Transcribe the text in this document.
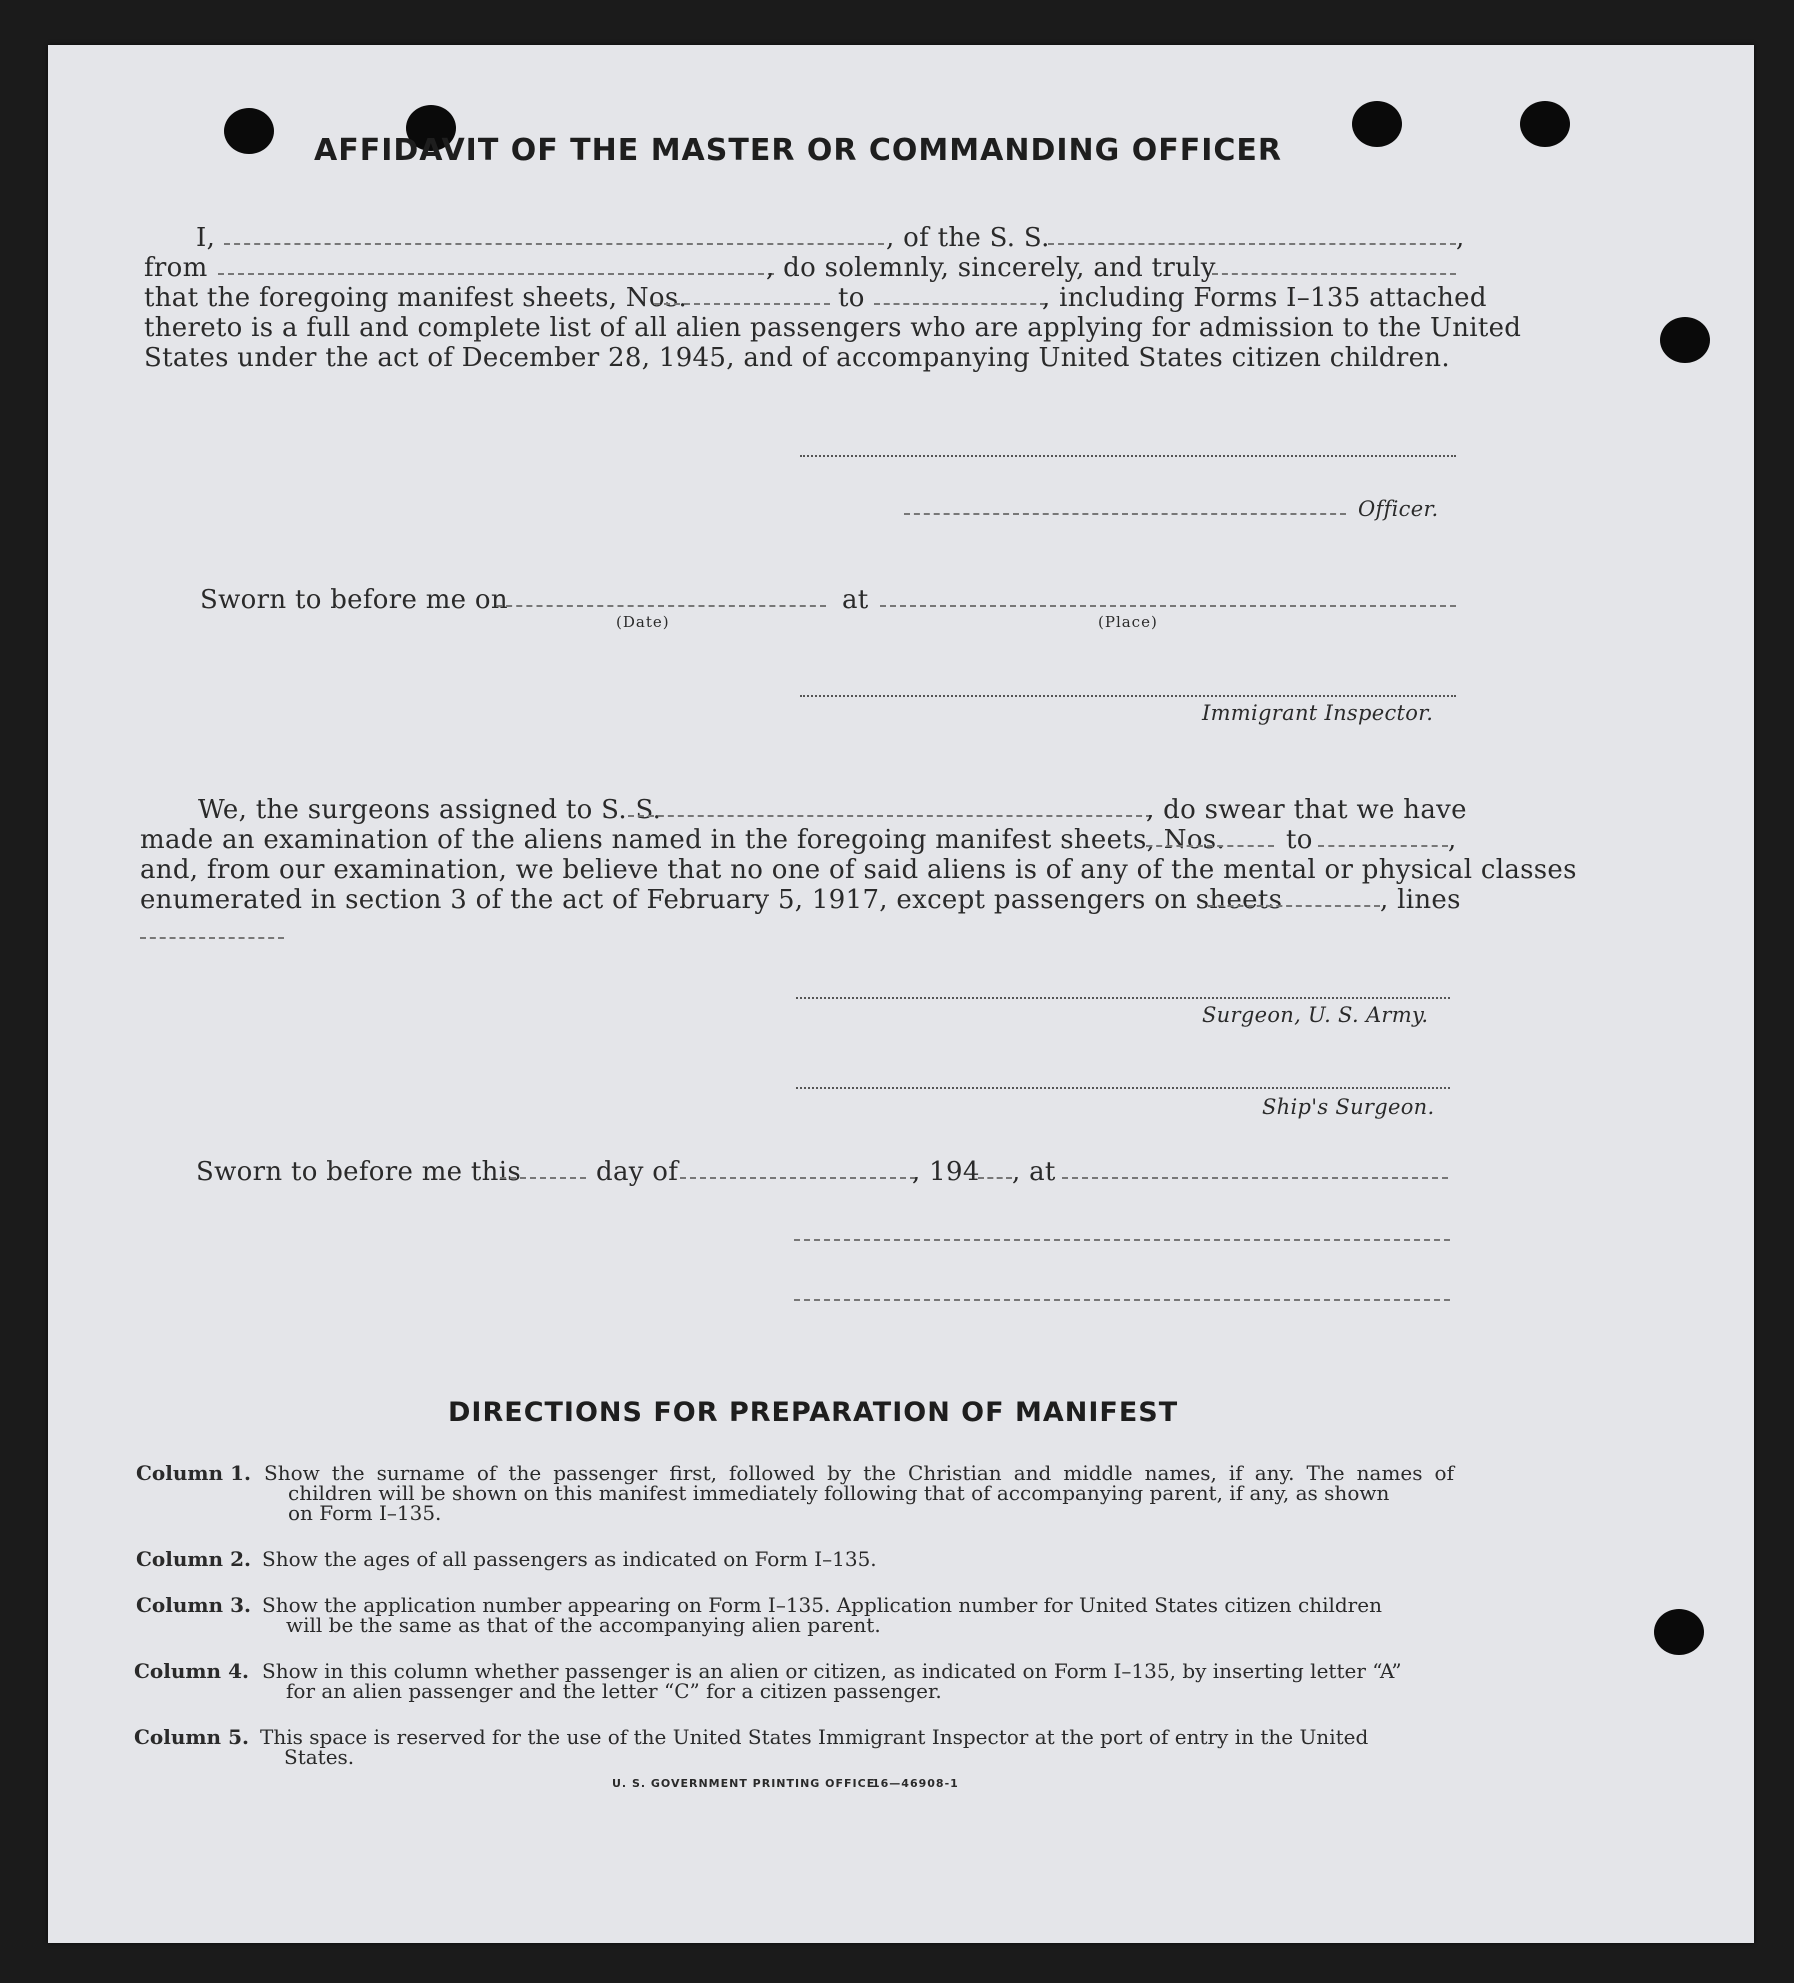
AFFIDAVIT OF THE MASTER OR COMMANDING OFFICER
I,	, of the S. S.	,
from	, do solemnly, sincerely, and truly
that the foregoing manifest sheets, Nos.	to	, including Forms I–135 attached
thereto is a full and complete list of all alien passengers who are applying for admission to the United
States under the act of December 28, 1945, and of accompanying United States citizen children.
Officer.
Sworn to before me on
(Date)
at
(Place)
Immigrant Inspector.
We, the surgeons assigned to S. S.	, do swear that we have
made an examination of the aliens named in the foregoing manifest sheets, Nos. to	,
and, from our examination, we believe that no one of said aliens is of any of the mental or physical classes
enumerated in section 3 of the act of February 5, 1917, except passengers on sheets	, lines
Surgeon, U. S. Army.
Ship's Surgeon.
Sworn to before me this	day of	, 194 , at
DIRECTIONS FOR PREPARATION OF MANIFEST
Column 1. Show the surname of the passenger first, followed by the Christian and middle names, if any. The names of
children will be shown on this manifest immediately following that of accompanying parent, if any, as shown
on Form I–135.
Column 2. Show the ages of all passengers as indicated on Form I–135.
Column 3. Show the application number appearing on Form I–135. Application number for United States citizen children
will be the same as that of the accompanying alien parent.
Column 4. Show in this column whether passenger is an alien or citizen, as indicated on Form I–135, by inserting letter “A”
for an alien passenger and the letter “C” for a citizen passenger.
Column 5. This space is reserved for the use of the United States Immigrant Inspector at the port of entry in the United
States.
U. S. GOVERNMENT PRINTING OFFICE
16—46908-1
